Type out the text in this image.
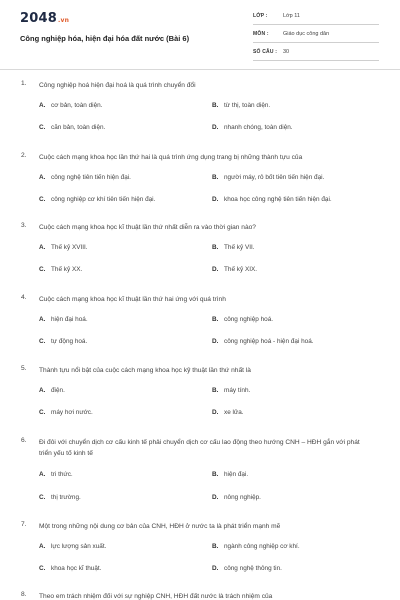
2048.vn
Công nghiệp hóa, hiện đại hóa đất nước (Bài 6)
LỚP :	Lớp 11
MÔN :	Giáo dục công dân
SỐ CÂU : 30
1. Công nghiệp hoá hiện đại hoá là quá trình chuyển đổi
A. cơ bản, toàn diện.	B. từ thị, toàn diện.
C. căn bản, toàn diện.	D. nhanh chóng, toàn diện.
2. Cuộc cách mạng khoa học lần thứ hai là quá trình ứng dụng trang bị những thành tựu của
A. công nghệ tiên tiến hiện đại.	B. người máy, rô bốt tiên tiến hiện đại.
C. công nghiệp cơ khí tiên tiến hiện đại.	D. khoa học công nghệ tiên tiến hiện đại.
3. Cuộc cách mạng khoa học kĩ thuật lần thứ nhất diễn ra vào thời gian nào?
A. Thế kỷ XVIII.	B. Thế kỷ VII.
C. Thế kỷ XX.	D. Thế kỷ XIX.
4. Cuộc cách mạng khoa học kĩ thuật lần thứ hai ứng với quá trình
A. hiện đại hoá.	B. công nghiệp hoá.
C. tự động hoá.	D. công nghiệp hoá - hiện đại hoá.
5. Thành tựu nổi bật của cuộc cách mạng khoa học kỹ thuật lần thứ nhất là
A. điện.	B. máy tính.
C. máy hơi nước.	D. xe lửa.
6. Đi đôi với chuyển dịch cơ cấu kinh tế phải chuyển dịch cơ cấu lao động theo hướng CNH – HĐH gắn với phát triển yếu tố kinh tế
A. tri thức.	B. hiện đại.
C. thị trường.	D. nông nghiệp.
7. Một trong những nội dung cơ bản của CNH, HĐH ở nước ta là phát triển mạnh mẽ
A. lực lượng sản xuất.	B. ngành công nghiệp cơ khí.
C. khoa học kĩ thuật.	D. công nghệ thông tin.
8. Theo em trách nhiệm đối với sự nghiệp CNH, HĐH đất nước là trách nhiệm của
